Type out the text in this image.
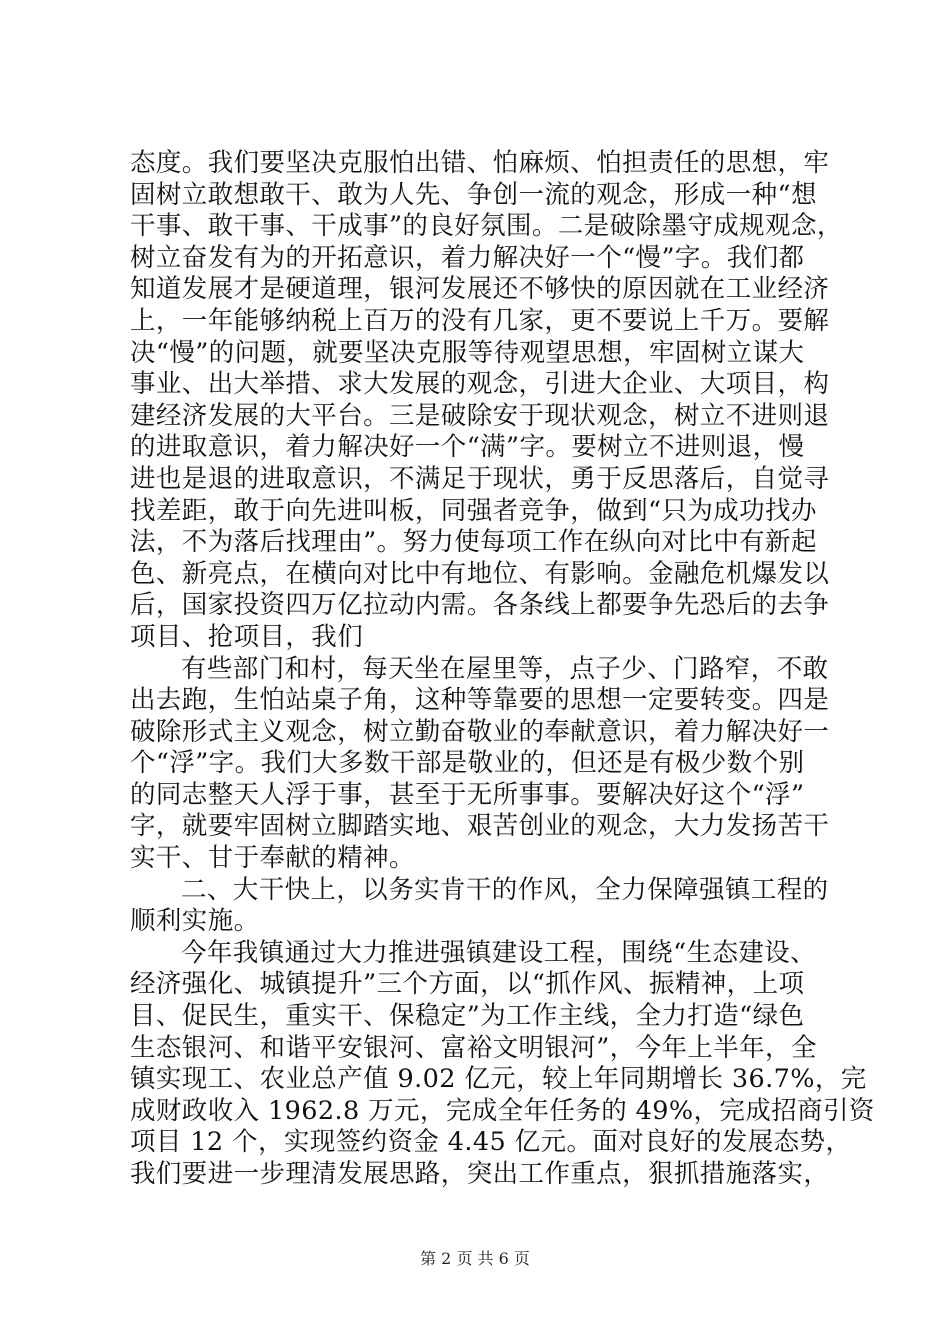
态度。我们要坚决克服怕出错、怕麻烦、怕担责任的思想，牢
固树立敢想敢干、敢为人先、争创一流的观念，形成一种“想
干事、敢干事、干成事”的良好氛围。二是破除墨守成规观念，
树立奋发有为的开拓意识，着力解决好一个“慢”字。我们都
知道发展才是硬道理，银河发展还不够快的原因就在工业经济
上，一年能够纳税上百万的没有几家，更不要说上千万。要解
决“慢”的问题，就要坚决克服等待观望思想，牢固树立谋大
事业、出大举措、求大发展的观念，引进大企业、大项目，构
建经济发展的大平台。三是破除安于现状观念，树立不进则退
的进取意识，着力解决好一个“满”字。要树立不进则退，慢
进也是退的进取意识，不满足于现状，勇于反思落后，自觉寻
找差距，敢于向先进叫板，同强者竞争，做到“只为成功找办
法，不为落后找理由”。努力使每项工作在纵向对比中有新起
色、新亮点，在横向对比中有地位、有影响。金融危机爆发以
后，国家投资四万亿拉动内需。各条线上都要争先恐后的去争
项目、抢项目，我们
有些部门和村，每天坐在屋里等，点子少、门路窄，不敢
出去跑，生怕站桌子角，这种等靠要的思想一定要转变。四是
破除形式主义观念，树立勤奋敬业的奉献意识，着力解决好一
个“浮”字。我们大多数干部是敬业的，但还是有极少数个别
的同志整天人浮于事，甚至于无所事事。要解决好这个“浮”
字，就要牢固树立脚踏实地、艰苦创业的观念，大力发扬苦干
实干、甘于奉献的精神。
二、大干快上，以务实肯干的作风，全力保障强镇工程的
顺利实施。
今年我镇通过大力推进强镇建设工程，围绕“生态建设、
经济强化、城镇提升”三个方面，以“抓作风、振精神，上项
目、促民生，重实干、保稳定”为工作主线，全力打造“绿色
生态银河、和谐平安银河、富裕文明银河”，今年上半年，全
镇实现工、农业总产值 9.02 亿元，较上年同期增长 36.7%，完
成财政收入 1962.8 万元，完成全年任务的 49%，完成招商引资
项目 12 个，实现签约资金 4.45 亿元。面对良好的发展态势，
我们要进一步理清发展思路，突出工作重点，狠抓措施落实，
第 2 页 共 6 页
